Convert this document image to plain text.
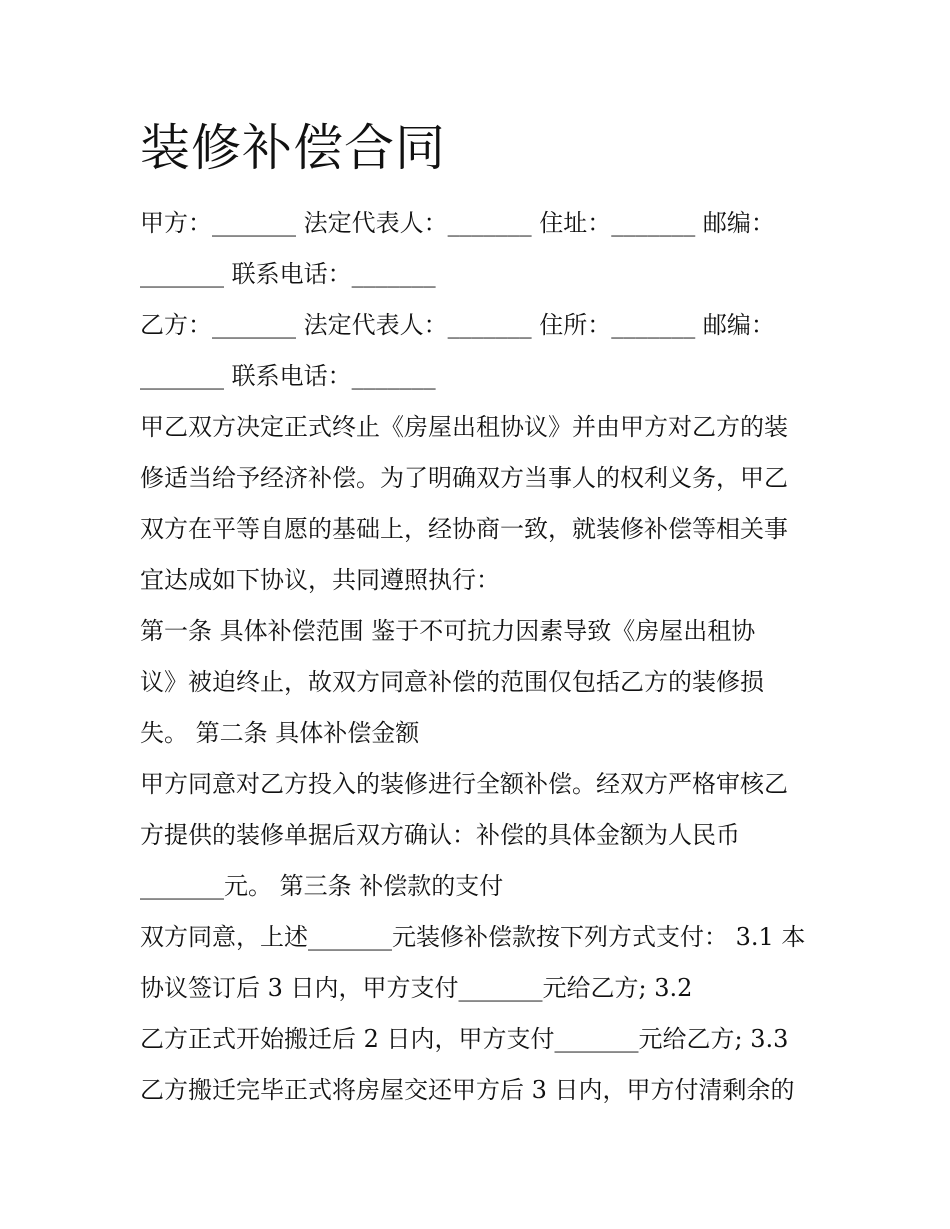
装修补偿合同
甲方：_______ 法定代表人：_______ 住址：_______ 邮编：
_______ 联系电话：_______
乙方：_______ 法定代表人：_______ 住所：_______ 邮编：
_______ 联系电话：_______
甲乙双方决定正式终止《房屋出租协议》并由甲方对乙方的装
修适当给予经济补偿。为了明确双方当事人的权利义务，甲乙
双方在平等自愿的基础上，经协商一致，就装修补偿等相关事
宜达成如下协议，共同遵照执行：
第一条 具体补偿范围 鉴于不可抗力因素导致《房屋出租协
议》被迫终止，故双方同意补偿的范围仅包括乙方的装修损
失。 第二条 具体补偿金额
甲方同意对乙方投入的装修进行全额补偿。经双方严格审核乙
方提供的装修单据后双方确认：补偿的具体金额为人民币
_______元。 第三条 补偿款的支付
双方同意，上述_______元装修补偿款按下列方式支付： 3.1 本
协议签订后 3 日内，甲方支付_______元给乙方; 3.2
乙方正式开始搬迁后 2 日内，甲方支付_______元给乙方; 3.3
乙方搬迁完毕正式将房屋交还甲方后 3 日内，甲方付清剩余的
